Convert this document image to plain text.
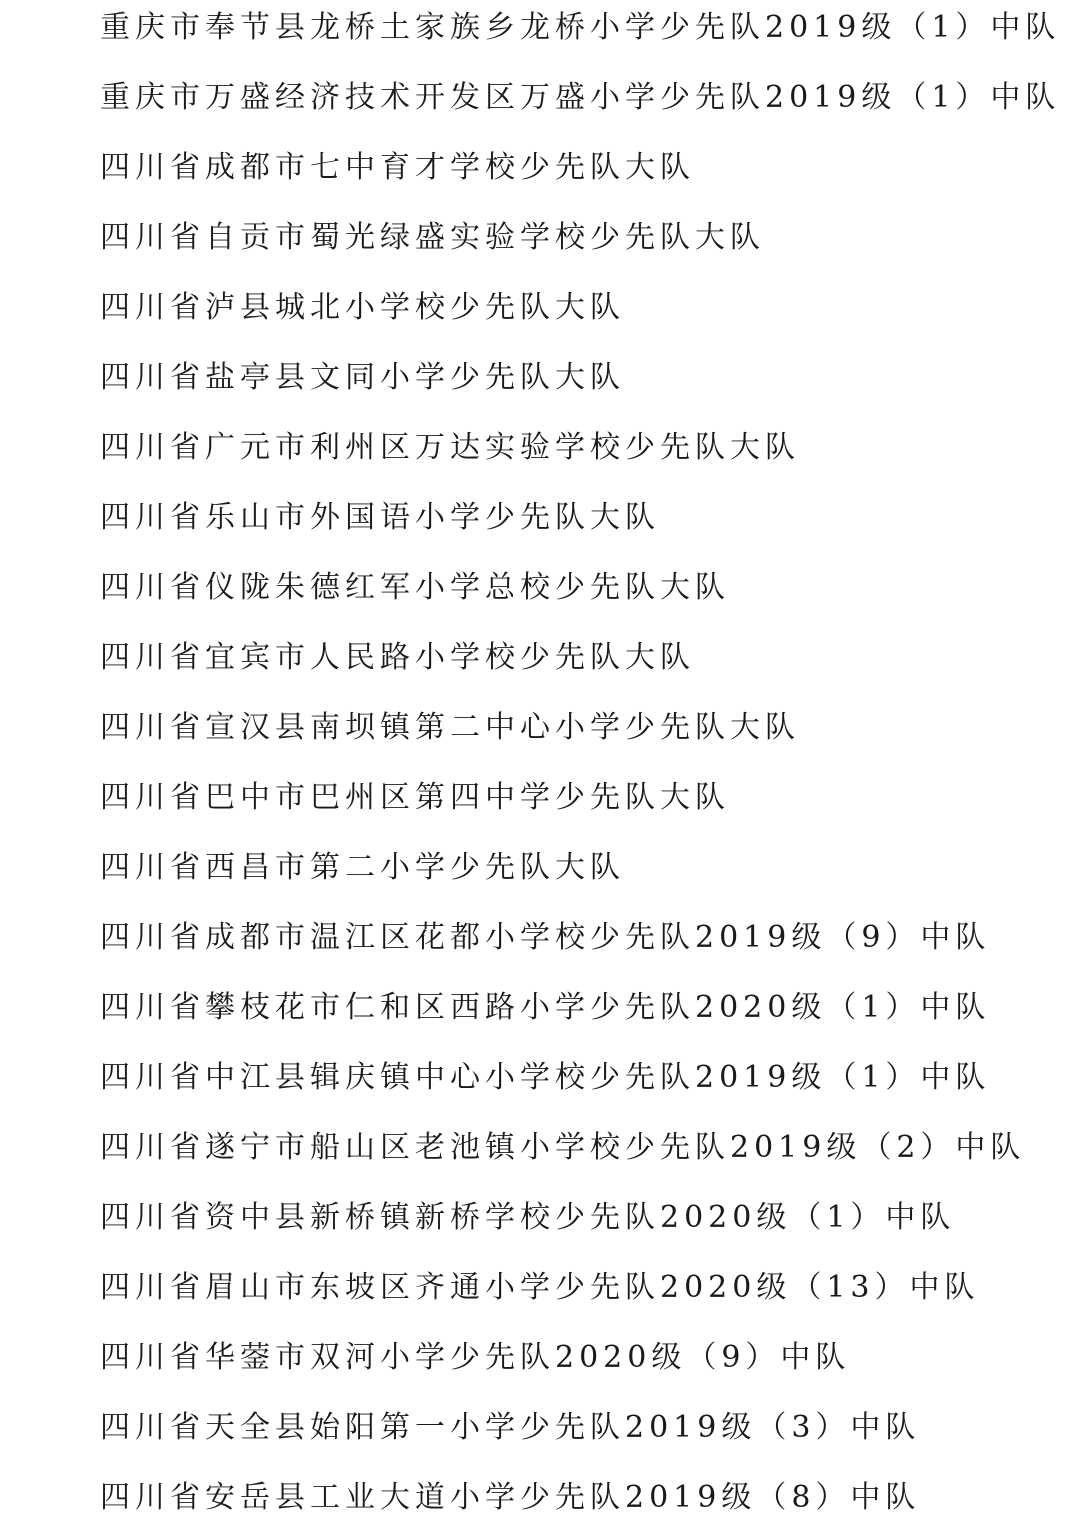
重庆市奉节县龙桥土家族乡龙桥小学少先队2019级（1）中队
重庆市万盛经济技术开发区万盛小学少先队2019级（1）中队
四川省成都市七中育才学校少先队大队
四川省自贡市蜀光绿盛实验学校少先队大队
四川省泸县城北小学校少先队大队
四川省盐亭县文同小学少先队大队
四川省广元市利州区万达实验学校少先队大队
四川省乐山市外国语小学少先队大队
四川省仪陇朱德红军小学总校少先队大队
四川省宜宾市人民路小学校少先队大队
四川省宣汉县南坝镇第二中心小学少先队大队
四川省巴中市巴州区第四中学少先队大队
四川省西昌市第二小学少先队大队
四川省成都市温江区花都小学校少先队2019级（9）中队
四川省攀枝花市仁和区西路小学少先队2020级（1）中队
四川省中江县辑庆镇中心小学校少先队2019级（1）中队
四川省遂宁市船山区老池镇小学校少先队2019级（2）中队
四川省资中县新桥镇新桥学校少先队2020级（1）中队
四川省眉山市东坡区齐通小学少先队2020级（13）中队
四川省华蓥市双河小学少先队2020级（9）中队
四川省天全县始阳第一小学少先队2019级（3）中队
四川省安岳县工业大道小学少先队2019级（8）中队
